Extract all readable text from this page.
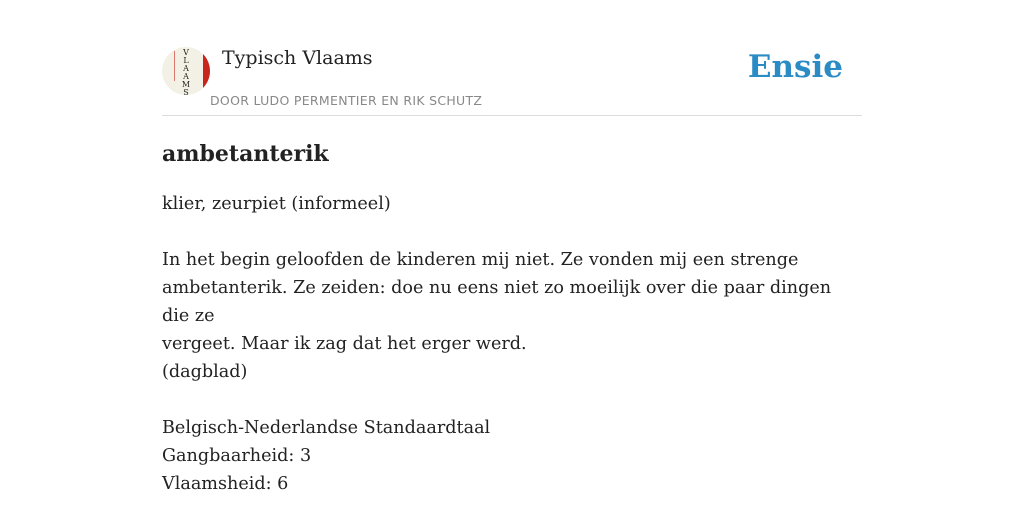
V
L
A
A
M
S
Typisch Vlaams
DOOR LUDO PERMENTIER EN RIK SCHUTZ
Ensie
ambetanterik

klier, zeurpiet (informeel)

In het begin geloofden de kinderen mij niet. Ze vonden mij een strenge

ambetanterik. Ze zeiden: doe nu eens niet zo moeilijk over die paar dingen die ze

vergeet. Maar ik zag dat het erger werd.

(dagblad)

Belgisch-Nederlandse Standaardtaal

Gangbaarheid: 3

Vlaamsheid: 6
